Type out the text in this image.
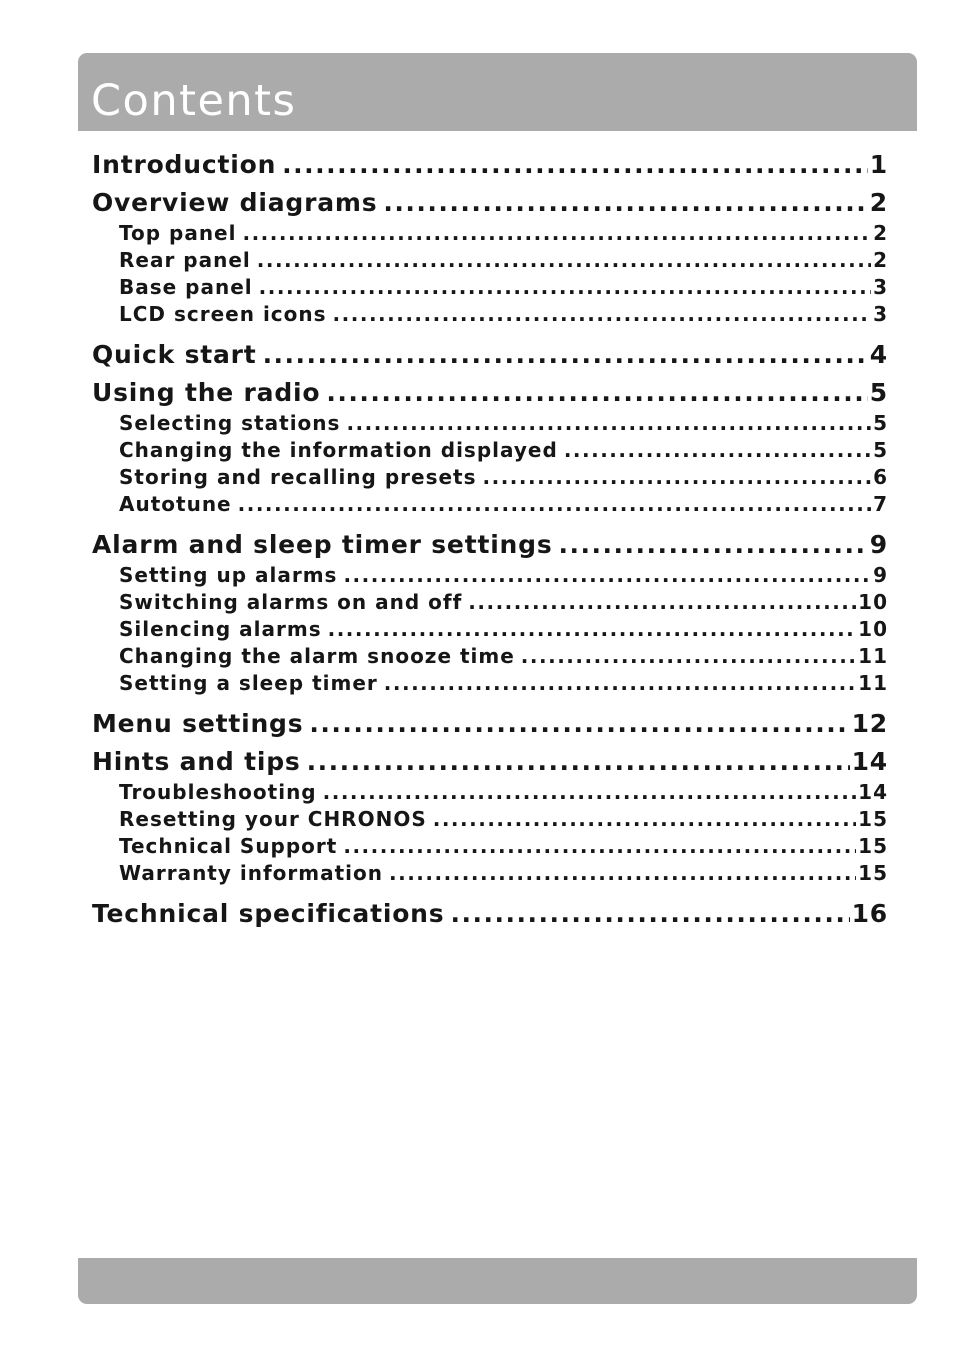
Contents
Introduction .....	1
Overview diagrams .....	2
Top panel .....	2
Rear panel .....	2
Base panel .....	3
LCD screen icons .....	3
Quick start .....	4
Using the radio .....	5
Selecting stations .....	5
Changing the information displayed .....	5
Storing and recalling presets .....	6
Autotune .....	7
Alarm and sleep timer settings .....	9
Setting up alarms .....	9
Switching alarms on and off .....	10
Silencing alarms .....	10
Changing the alarm snooze time .....	11
Setting a sleep timer .....	11
Menu settings .....	12
Hints and tips .....	14
Troubleshooting .....	14
Resetting your CHRONOS .....	15
Technical Support .....	15
Warranty information .....	15
Technical specifications .....	16
